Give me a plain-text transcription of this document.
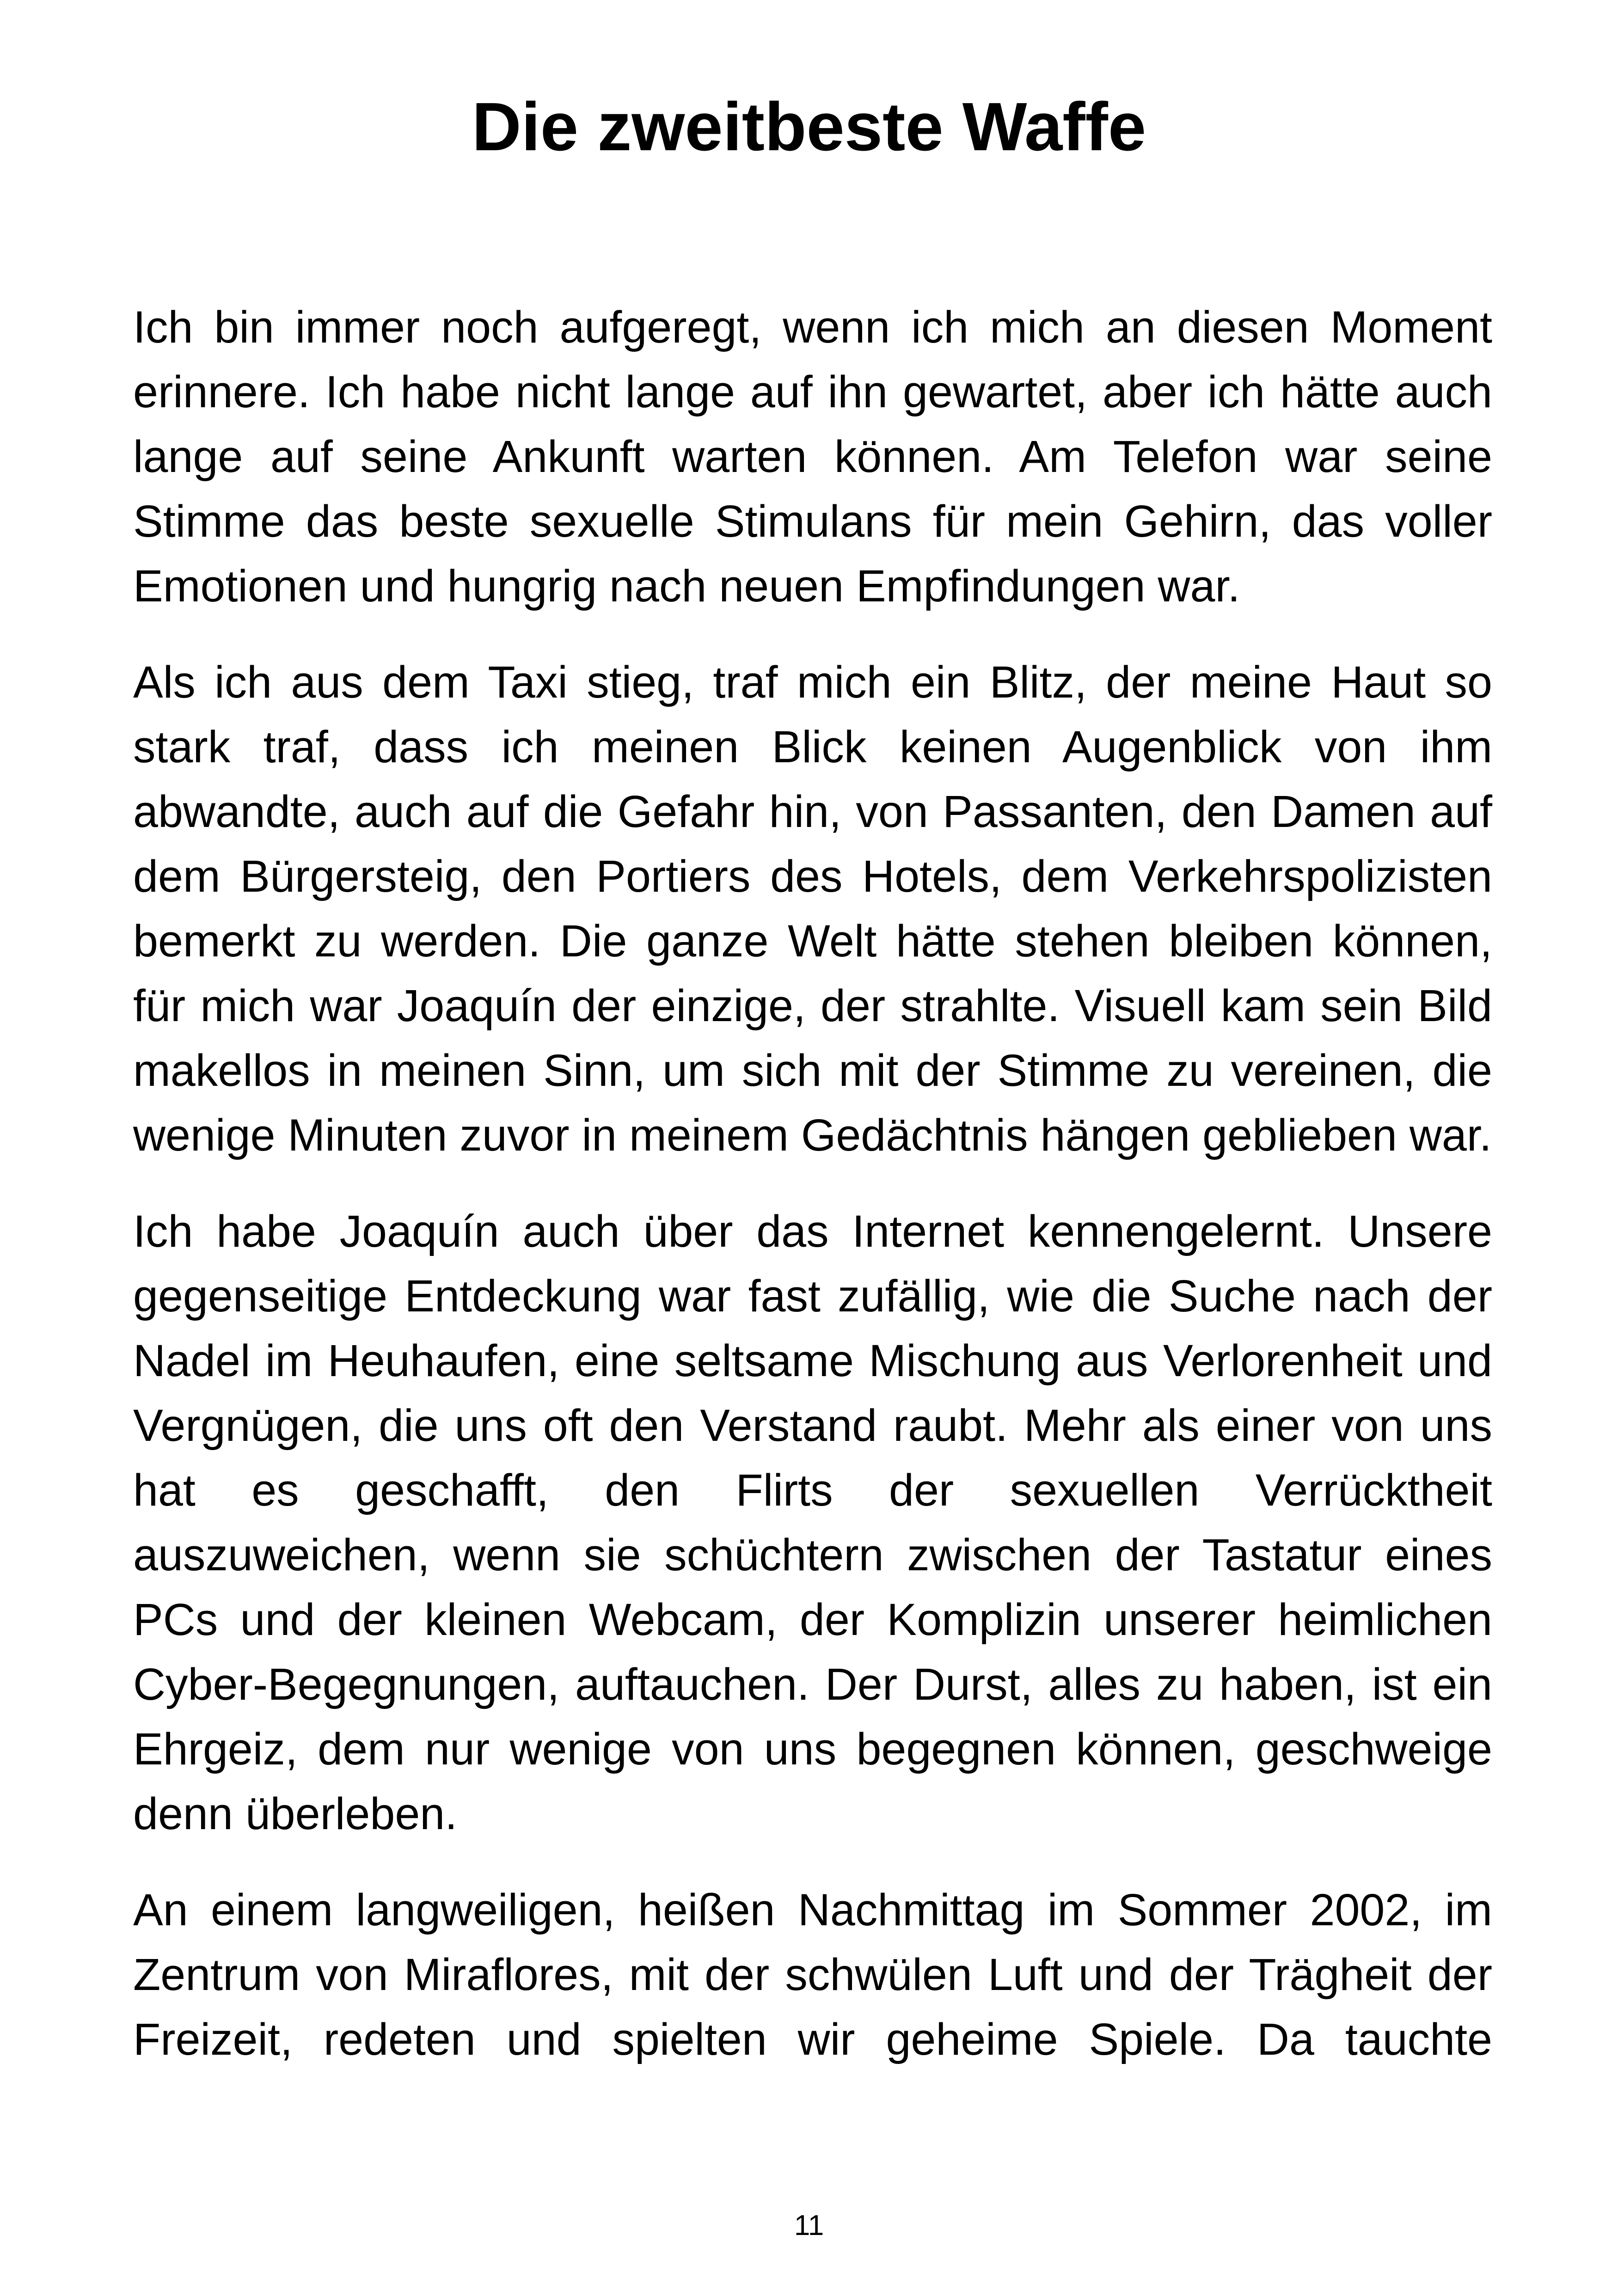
Die zweitbeste Waffe

Ich bin immer noch aufgeregt, wenn ich mich an diesen Moment erinnere. Ich habe nicht lange auf ihn gewartet, aber ich hätte auch lange auf seine Ankunft warten können. Am Telefon war seine Stimme das beste sexuelle Stimulans für mein Gehirn, das voller Emotionen und hungrig nach neuen Empfindungen war.

Als ich aus dem Taxi stieg, traf mich ein Blitz, der meine Haut so stark traf, dass ich meinen Blick keinen Augenblick von ihm abwandte, auch auf die Gefahr hin, von Passanten, den Damen auf dem Bürgersteig, den Portiers des Hotels, dem Verkehrspolizisten bemerkt zu werden. Die ganze Welt hätte stehen bleiben können, für mich war Joaquín der einzige, der strahlte. Visuell kam sein Bild makellos in meinen Sinn, um sich mit der Stimme zu vereinen, die wenige Minuten zuvor in meinem Gedächtnis hängen geblieben war.

Ich habe Joaquín auch über das Internet kennengelernt. Unsere gegenseitige Entdeckung war fast zufällig, wie die Suche nach der Nadel im Heuhaufen, eine seltsame Mischung aus Verlorenheit und Vergnügen, die uns oft den Verstand raubt. Mehr als einer von uns hat es geschafft, den Flirts der sexuellen Verrücktheit auszuweichen, wenn sie schüchtern zwischen der Tastatur eines PCs und der kleinen Webcam, der Komplizin unserer heimlichen Cyber-Begegnungen, auftauchen. Der Durst, alles zu haben, ist ein Ehrgeiz, dem nur wenige von uns begegnen können, geschweige denn überleben.

An einem langweiligen, heißen Nachmittag im Sommer 2002, im Zentrum von Miraflores, mit der schwülen Luft und der Trägheit der Freizeit, redeten und spielten wir geheime Spiele. Da tauchte

11
